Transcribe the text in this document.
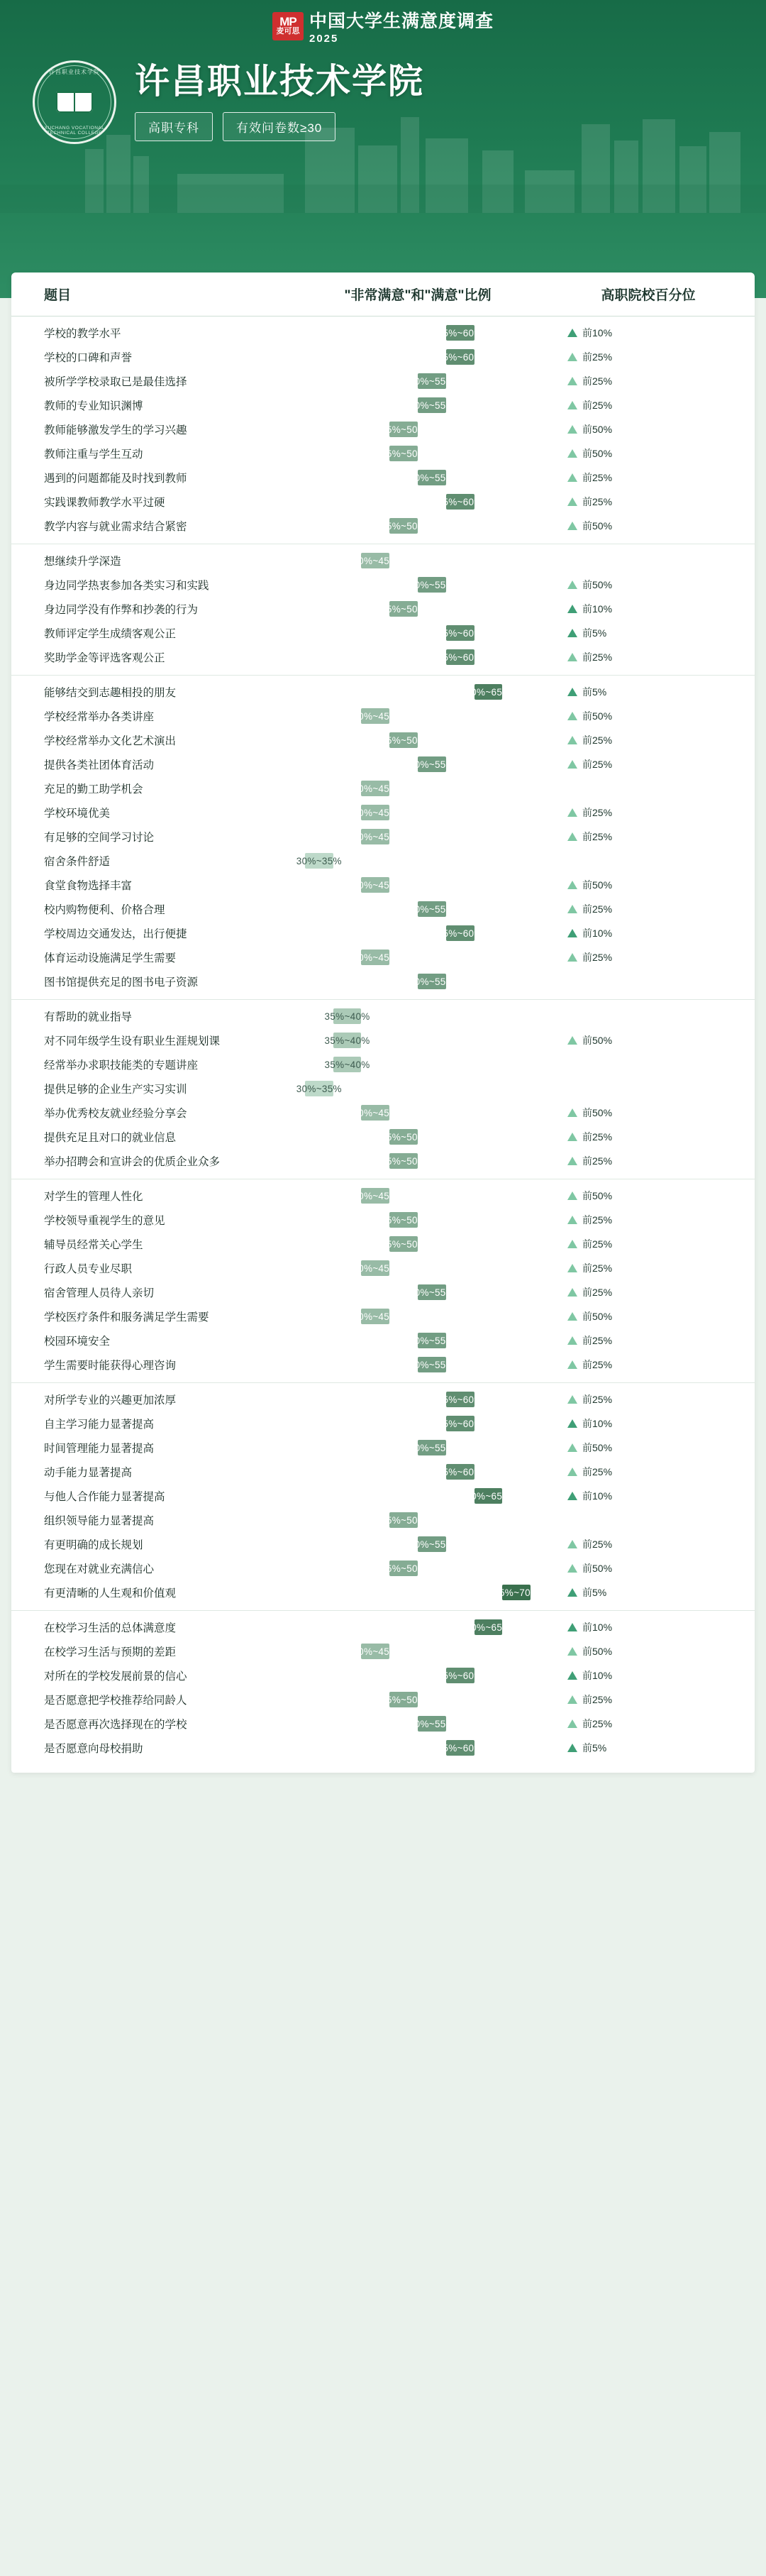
MP
麦可思
中国大学生满意度调查
2025
许昌职业技术学院
XUCHANG VOCATIONAL TECHNICAL COLLEGE
许昌职业技术学院
高职专科	有效问卷数≥30
题目	"非常满意"和"满意"比例	高职院校百分位
学校的教学水平	55%~60%	前10%
学校的口碑和声誉	55%~60%	前25%
被所学学校录取已是最佳选择	50%~55%	前25%
教师的专业知识渊博	50%~55%	前25%
教师能够激发学生的学习兴趣	45%~50%	前50%
教师注重与学生互动	45%~50%	前50%
遇到的问题都能及时找到教师	50%~55%	前25%
实践课教师教学水平过硬	55%~60%	前25%
教学内容与就业需求结合紧密	45%~50%	前50%
想继续升学深造	40%~45%
身边同学热衷参加各类实习和实践	50%~55%	前50%
身边同学没有作弊和抄袭的行为	45%~50%	前10%
教师评定学生成绩客观公正	55%~60%	前5%
奖助学金等评选客观公正	55%~60%	前25%
能够结交到志趣相投的朋友	60%~65%	前5%
学校经常举办各类讲座	40%~45%	前50%
学校经常举办文化艺术演出	45%~50%	前25%
提供各类社团体育活动	50%~55%	前25%
充足的勤工助学机会	40%~45%
学校环境优美	40%~45%	前25%
有足够的空间学习讨论	40%~45%	前25%
宿舍条件舒适	30%~35%
食堂食物选择丰富	40%~45%	前50%
校内购物便利、价格合理	50%~55%	前25%
学校周边交通发达，出行便捷	55%~60%	前10%
体育运动设施满足学生需要	40%~45%	前25%
图书馆提供充足的图书电子资源	50%~55%
有帮助的就业指导	35%~40%
对不同年级学生设有职业生涯规划课	35%~40%	前50%
经常举办求职技能类的专题讲座	35%~40%
提供足够的企业生产实习实训	30%~35%
举办优秀校友就业经验分享会	40%~45%	前50%
提供充足且对口的就业信息	45%~50%	前25%
举办招聘会和宣讲会的优质企业众多	45%~50%	前25%
对学生的管理人性化	40%~45%	前50%
学校领导重视学生的意见	45%~50%	前25%
辅导员经常关心学生	45%~50%	前25%
行政人员专业尽职	40%~45%	前25%
宿舍管理人员待人亲切	50%~55%	前25%
学校医疗条件和服务满足学生需要	40%~45%	前50%
校园环境安全	50%~55%	前25%
学生需要时能获得心理咨询	50%~55%	前25%
对所学专业的兴趣更加浓厚	55%~60%	前25%
自主学习能力显著提高	55%~60%	前10%
时间管理能力显著提高	50%~55%	前50%
动手能力显著提高	55%~60%	前25%
与他人合作能力显著提高	60%~65%	前10%
组织领导能力显著提高	45%~50%
有更明确的成长规划	50%~55%	前25%
您现在对就业充满信心	45%~50%	前50%
有更清晰的人生观和价值观	65%~70%	前5%
在校学习生活的总体满意度	60%~65%	前10%
在校学习生活与预期的差距	40%~45%	前50%
对所在的学校发展前景的信心	55%~60%	前10%
是否愿意把学校推荐给同龄人	45%~50%	前25%
是否愿意再次选择现在的学校	50%~55%	前25%
是否愿意向母校捐助	55%~60%	前5%
